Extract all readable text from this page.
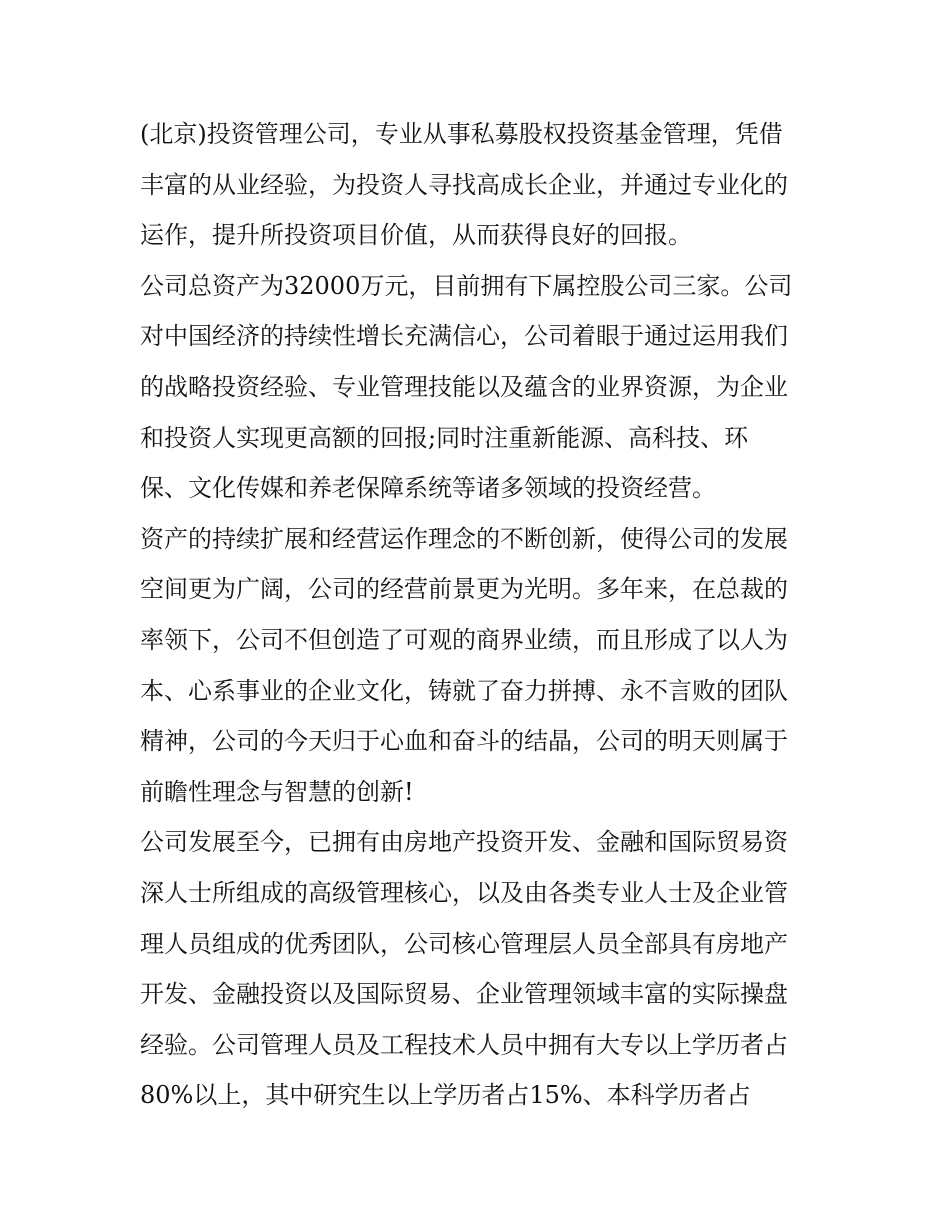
(北京)投资管理公司，专业从事私募股权投资基金管理，凭借
丰富的从业经验，为投资人寻找高成长企业，并通过专业化的
运作，提升所投资项目价值，从而获得良好的回报。
公司总资产为32000万元，目前拥有下属控股公司三家。公司
对中国经济的持续性增长充满信心，公司着眼于通过运用我们
的战略投资经验、专业管理技能以及蕴含的业界资源，为企业
和投资人实现更高额的回报;同时注重新能源、高科技、环
保、文化传媒和养老保障系统等诸多领域的投资经营。
资产的持续扩展和经营运作理念的不断创新，使得公司的发展
空间更为广阔，公司的经营前景更为光明。多年来，在总裁的
率领下，公司不但创造了可观的商界业绩，而且形成了以人为
本、心系事业的企业文化，铸就了奋力拼搏、永不言败的团队
精神，公司的今天归于心血和奋斗的结晶，公司的明天则属于
前瞻性理念与智慧的创新!
公司发展至今，已拥有由房地产投资开发、金融和国际贸易资
深人士所组成的高级管理核心，以及由各类专业人士及企业管
理人员组成的优秀团队，公司核心管理层人员全部具有房地产
开发、金融投资以及国际贸易、企业管理领域丰富的实际操盘
经验。公司管理人员及工程技术人员中拥有大专以上学历者占
80%以上，其中研究生以上学历者占15%、本科学历者占
